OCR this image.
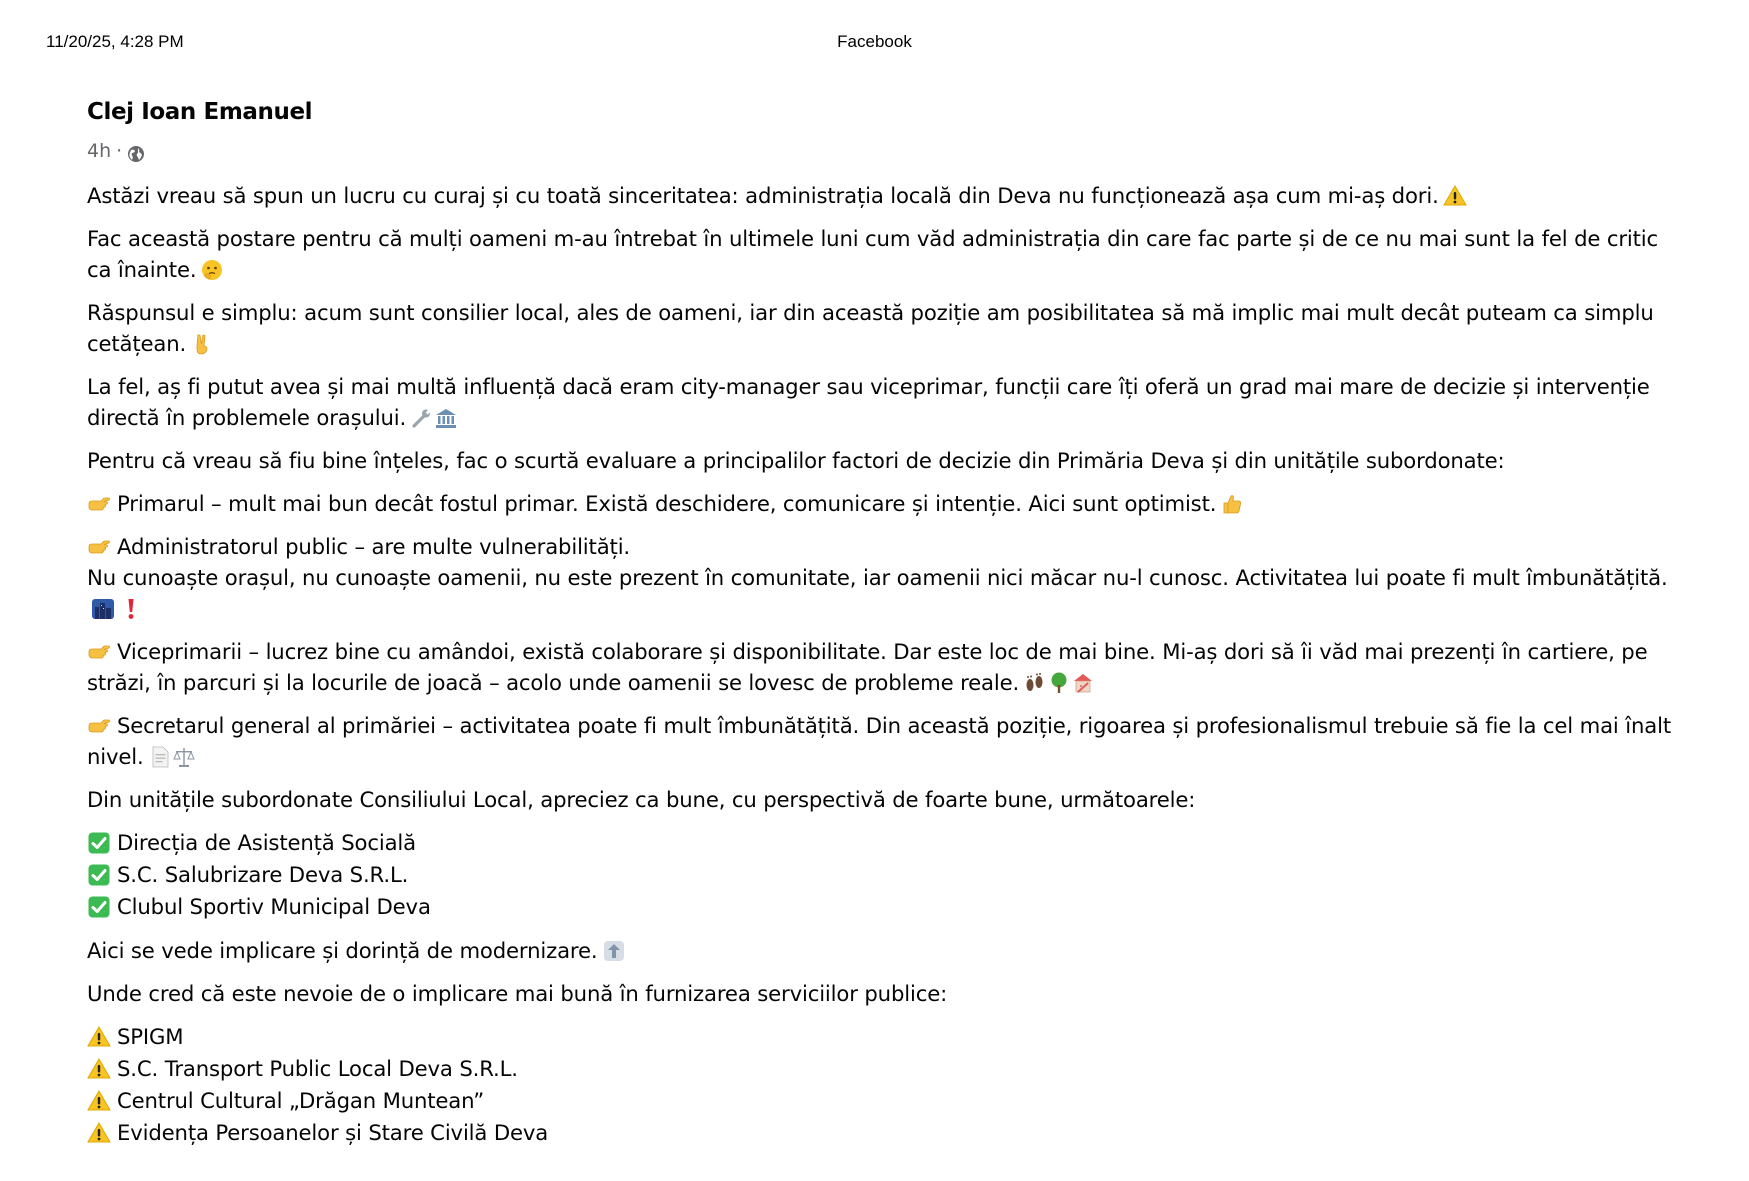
11/20/25, 4:28 PM	Facebook
Clej Ioan Emanuel
4h ·

Astăzi vreau să spun un lucru cu curaj și cu toată sinceritatea: administrația locală din Deva nu funcționează așa cum mi-aș dori.

Fac această postare pentru că mulți oameni m-au întrebat în ultimele luni cum văd administrația din care fac parte și de ce nu mai sunt la fel de critic ca înainte.

Răspunsul e simplu: acum sunt consilier local, ales de oameni, iar din această poziție am posibilitatea să mă implic mai mult decât puteam ca simplu cetățean.

La fel, aș fi putut avea și mai multă influență dacă eram city-manager sau viceprimar, funcții care îți oferă un grad mai mare de decizie și intervenție directă în problemele orașului.

Pentru că vreau să fiu bine înțeles, fac o scurtă evaluare a principalilor factori de decizie din Primăria Deva și din unitățile subordonate:

Primarul – mult mai bun decât fostul primar. Există deschidere, comunicare și intenție. Aici sunt optimist.

Administratorul public – are multe vulnerabilități.
Nu cunoaște orașul, nu cunoaște oamenii, nu este prezent în comunitate, iar oamenii nici măcar nu-l cunosc. Activitatea lui poate fi mult îmbunătățită.

Viceprimarii – lucrez bine cu amândoi, există colaborare și disponibilitate. Dar este loc de mai bine. Mi-aș dori să îi văd mai prezenți în cartiere, pe străzi, în parcuri și la locurile de joacă – acolo unde oamenii se lovesc de probleme reale.

Secretarul general al primăriei – activitatea poate fi mult îmbunătățită. Din această poziție, rigoarea și profesionalismul trebuie să fie la cel mai înalt nivel.

Din unitățile subordonate Consiliului Local, apreciez ca bune, cu perspectivă de foarte bune, următoarele:

Direcția de Asistență Socială

S.C. Salubrizare Deva S.R.L.

Clubul Sportiv Municipal Deva

Aici se vede implicare și dorință de modernizare.

Unde cred că este nevoie de o implicare mai bună în furnizarea serviciilor publice:

SPIGM

S.C. Transport Public Local Deva S.R.L.

Centrul Cultural „Drăgan Muntean”

Evidența Persoanelor și Stare Civilă Deva
